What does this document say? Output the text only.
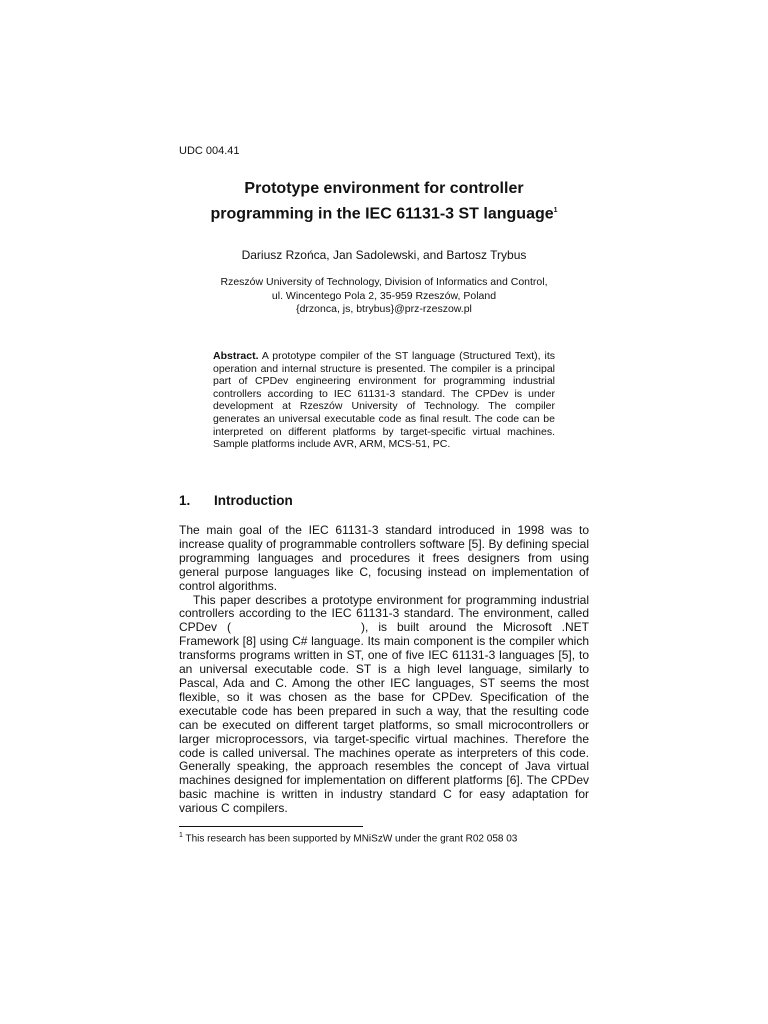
UDC 004.41
Prototype environment for controller
programming in the IEC 61131-3 ST language$^1$
Dariusz Rzońca, Jan Sadolewski, and Bartosz Trybus
Rzeszów University of Technology, Division of Informatics and Control,
ul. Wincentego Pola 2, 35-959 Rzeszów, Poland
{drzonca, js, btrybus}@prz-rzeszow.pl
Abstract. A prototype compiler of the ST language (Structured Text), its operation and internal structure is presented. The compiler is a principal part of CPDev engineering environment for programming industrial controllers according to IEC 61131-3 standard. The CPDev is under development at Rzeszów University of Technology. The compiler generates an universal executable code as final result. The code can be interpreted on different platforms by target-specific virtual machines. Sample platforms include AVR, ARM, MCS-51, PC.
1. Introduction

The main goal of the IEC 61131-3 standard introduced in 1998 was to increase quality of programmable controllers software [5]. By defining special programming languages and procedures it frees designers from using general purpose languages like C, focusing instead on implementation of control algorithms.

This paper describes a prototype environment for programming industrial controllers according to the IEC 61131-3 standard. The environment, called CPDev (	), is built around the Microsoft .NET Framework [8] using C# language. Its main component is the compiler which transforms programs written in ST, one of five IEC 61131-3 languages [5], to an universal executable code. ST is a high level language, similarly to Pascal, Ada and C. Among the other IEC languages, ST seems the most flexible, so it was chosen as the base for CPDev. Specification of the executable code has been prepared in such a way, that the resulting code can be executed on different target platforms, so small microcontrollers or larger microprocessors, via target-specific virtual machines. Therefore the code is called universal. The machines operate as interpreters of this code. Generally speaking, the approach resembles the concept of Java virtual machines designed for implementation on different platforms [6]. The CPDev basic machine is written in industry standard C for easy adaptation for various C compilers.

$^1$ This research has been supported by MNiSzW under the grant R02 058 03
